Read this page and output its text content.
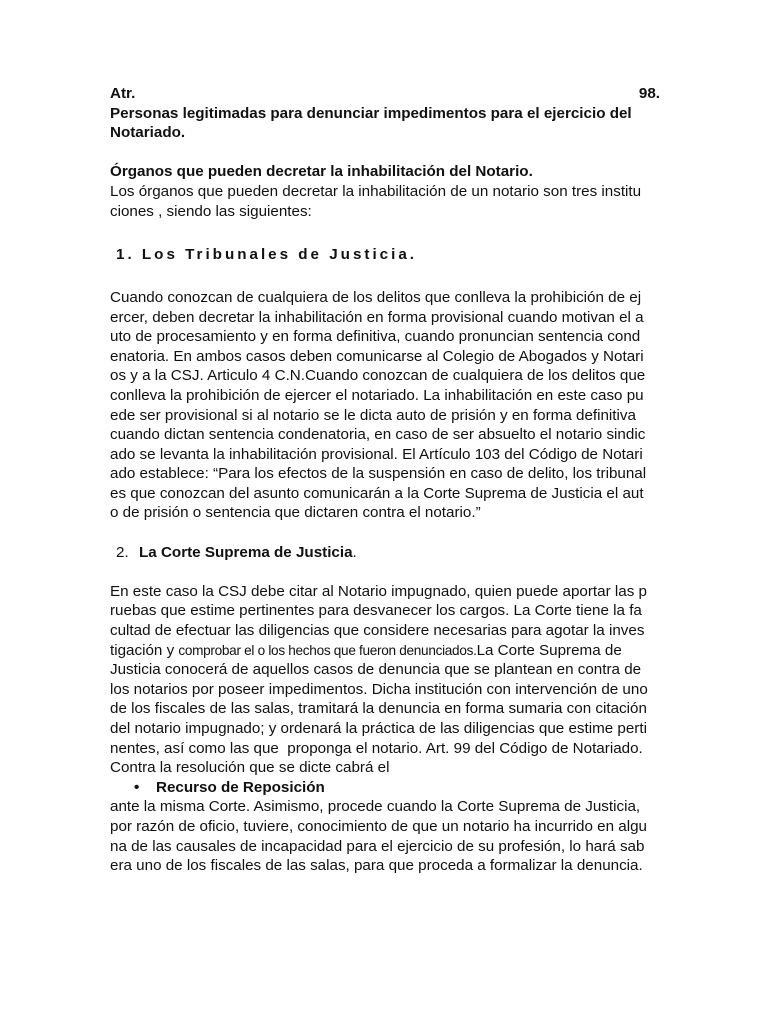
Atr.	98.
Personas legitimadas para denunciar impedimentos para el ejercicio del
Notariado.
Órganos que pueden decretar la inhabilitación del Notario.
Los órganos que pueden decretar la inhabilitación de un notario son tres institu
ciones , siendo las siguientes:
1. Los Tribunales de Justicia.
Cuando conozcan de cualquiera de los delitos que conlleva la prohibición de ej
ercer, deben decretar la inhabilitación en forma provisional cuando motivan el a
uto de procesamiento y en forma definitiva, cuando pronuncian sentencia cond
enatoria. En ambos casos deben comunicarse al Colegio de Abogados y Notari
os y a la CSJ. Articulo 4 C.N.Cuando conozcan de cualquiera de los delitos que
conlleva la prohibición de ejercer el notariado. La inhabilitación en este caso pu
ede ser provisional si al notario se le dicta auto de prisión y en forma definitiva
cuando dictan sentencia condenatoria, en caso de ser absuelto el notario sindic
ado se levanta la inhabilitación provisional. El Artículo 103 del Código de Notari
ado establece: “Para los efectos de la suspensión en caso de delito, los tribunal
es que conozcan del asunto comunicarán a la Corte Suprema de Justicia el aut
o de prisión o sentencia que dictaren contra el notario.”
2. La Corte Suprema de Justicia.
En este caso la CSJ debe citar al Notario impugnado, quien puede aportar las p
ruebas que estime pertinentes para desvanecer los cargos. La Corte tiene la fa
cultad de efectuar las diligencias que considere necesarias para agotar la inves
tigación y comprobar el o los hechos que fueron denunciados.La Corte Suprema de
Justicia conocerá de aquellos casos de denuncia que se plantean en contra de
los notarios por poseer impedimentos. Dicha institución con intervención de uno
de los fiscales de las salas, tramitará la denuncia en forma sumaria con citación
del notario impugnado; y ordenará la práctica de las diligencias que estime perti
nentes, así como las que  proponga el notario. Art. 99 del Código de Notariado.
Contra la resolución que se dicte cabrá el
• Recurso de Reposición
ante la misma Corte. Asimismo, procede cuando la Corte Suprema de Justicia,
por razón de oficio, tuviere, conocimiento de que un notario ha incurrido en algu
na de las causales de incapacidad para el ejercicio de su profesión, lo hará sab
era uno de los fiscales de las salas, para que proceda a formalizar la denuncia.
